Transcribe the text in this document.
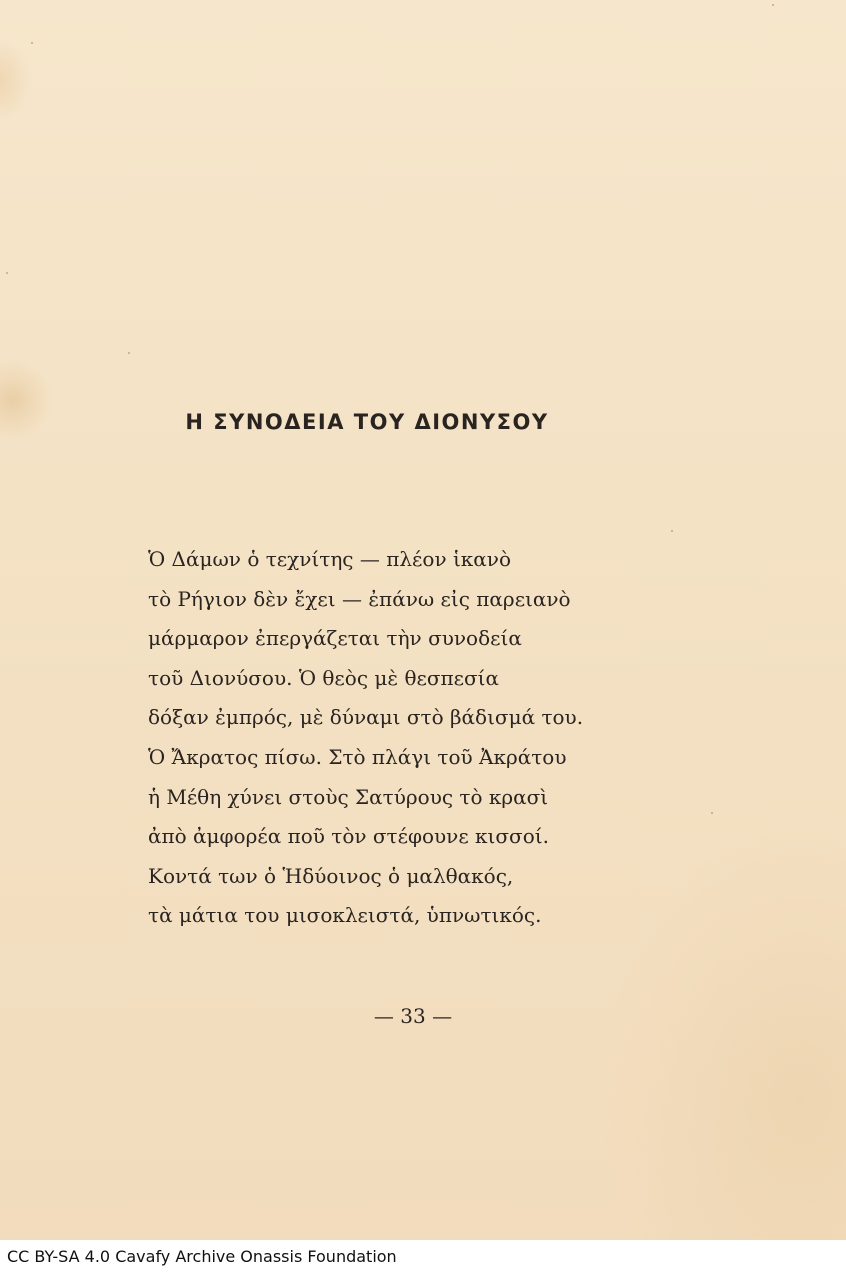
Η ΣΥΝΟΔΕΙΑ ΤΟΥ ΔΙΟΝΥΣΟΥ
Ὁ Δάμων ὁ τεχνίτης — πλέον ἱκανὸ
τὸ Ρήγιον δὲν ἔχει — ἐπάνω εἰς παρειανὸ
μάρμαρον ἐπεργάζεται τὴν συνοδεία
τοῦ Διονύσου. Ὁ θεὸς μὲ θεσπεσία
δόξαν ἐμπρός, μὲ δύναμι στὸ βάδισμά του.
Ὁ Ἄκρατος πίσω. Στὸ πλάγι τοῦ Ἀκράτου
ἡ Μέθη χύνει στοὺς Σατύρους τὸ κρασὶ
ἀπὸ ἀμφορέα ποῦ τὸν στέφουνε κισσοί.
Κοντά των ὁ Ἡδύοινος ὁ μαλθακός,
τὰ μάτια του μισοκλειστά, ὑπνωτικός.
— 33 —
CC BY-SA 4.0 Cavafy Archive Onassis Foundation
